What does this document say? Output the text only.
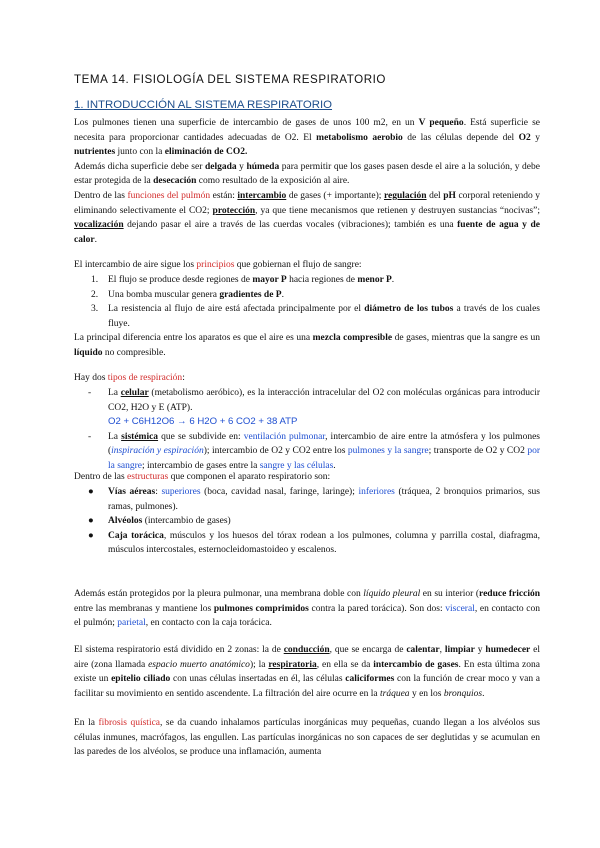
TEMA 14. FISIOLOGÍA DEL SISTEMA RESPIRATORIO
1. INTRODUCCIÓN AL SISTEMA RESPIRATORIO

Los pulmones tienen una superficie de intercambio de gases de unos 100 m2, en un V pequeño. Está superficie se necesita para proporcionar cantidades adecuadas de O2. El metabolismo aerobio de las células depende del O2 y nutrientes junto con la eliminación de CO2.

Además dicha superficie debe ser delgada y húmeda para permitir que los gases pasen desde el aire a la solución, y debe estar protegida de la desecación como resultado de la exposición al aire.

Dentro de las funciones del pulmón están: intercambio de gases (+ importante); regulación del pH corporal reteniendo y eliminando selectivamente el CO2; protección, ya que tiene mecanismos que retienen y destruyen sustancias “nocivas”; vocalización dejando pasar el aire a través de las cuerdas vocales (vibraciones); también es una fuente de agua y de calor.

El intercambio de aire sigue los principios que gobiernan el flujo de sangre:

1. El flujo se produce desde regiones de mayor P hacia regiones de menor P.
2. Una bomba muscular genera gradientes de P.
3. La resistencia al flujo de aire está afectada principalmente por el diámetro de los tubos a través de los cuales fluye.

La principal diferencia entre los aparatos es que el aire es una mezcla compresible de gases, mientras que la sangre es un líquido no compresible.

Hay dos tipos de respiración:

- La celular (metabolismo aeróbico), es la interacción intracelular del O2 con moléculas orgánicas para introducir CO2, H2O y E (ATP).
O2 + C6H12O6 → 6 H2O + 6 CO2 + 38 ATP
- La sistémica que se subdivide en: ventilación pulmonar, intercambio de aire entre la atmósfera y los pulmones (inspiración y espiración); intercambio de O2 y CO2 entre los pulmones y la sangre; transporte de O2 y CO2 por la sangre; intercambio de gases entre la sangre y las células.

Dentro de las estructuras que componen el aparato respiratorio son:

● Vías aéreas: superiores (boca, cavidad nasal, faringe, laringe); inferiores (tráquea, 2 bronquios primarios, sus ramas, pulmones).
● Alvéolos (intercambio de gases)
● Caja torácica, músculos y los huesos del tórax rodean a los pulmones, columna y parrilla costal, diafragma, músculos intercostales, esternocleidomastoideo y escalenos.

Además están protegidos por la pleura pulmonar, una membrana doble con líquido pleural en su interior (reduce fricción entre las membranas y mantiene los pulmones comprimidos contra la pared torácica). Son dos: visceral, en contacto con el pulmón; parietal, en contacto con la caja torácica.

El sistema respiratorio está dividido en 2 zonas: la de conducción, que se encarga de calentar, limpiar y humedecer el aire (zona llamada espacio muerto anatómico); la respiratoria, en ella se da intercambio de gases. En esta última zona existe un epitelio ciliado con unas células insertadas en él, las células caliciformes con la función de crear moco y van a facilitar su movimiento en sentido ascendente. La filtración del aire ocurre en la tráquea y en los bronquios.

En la fibrosis quística, se da cuando inhalamos partículas inorgánicas muy pequeñas, cuando llegan a los alvéolos sus células inmunes, macrófagos, las engullen. Las partículas inorgánicas no son capaces de ser deglutidas y se acumulan en las paredes de los alvéolos, se produce una inflamación, aumenta
